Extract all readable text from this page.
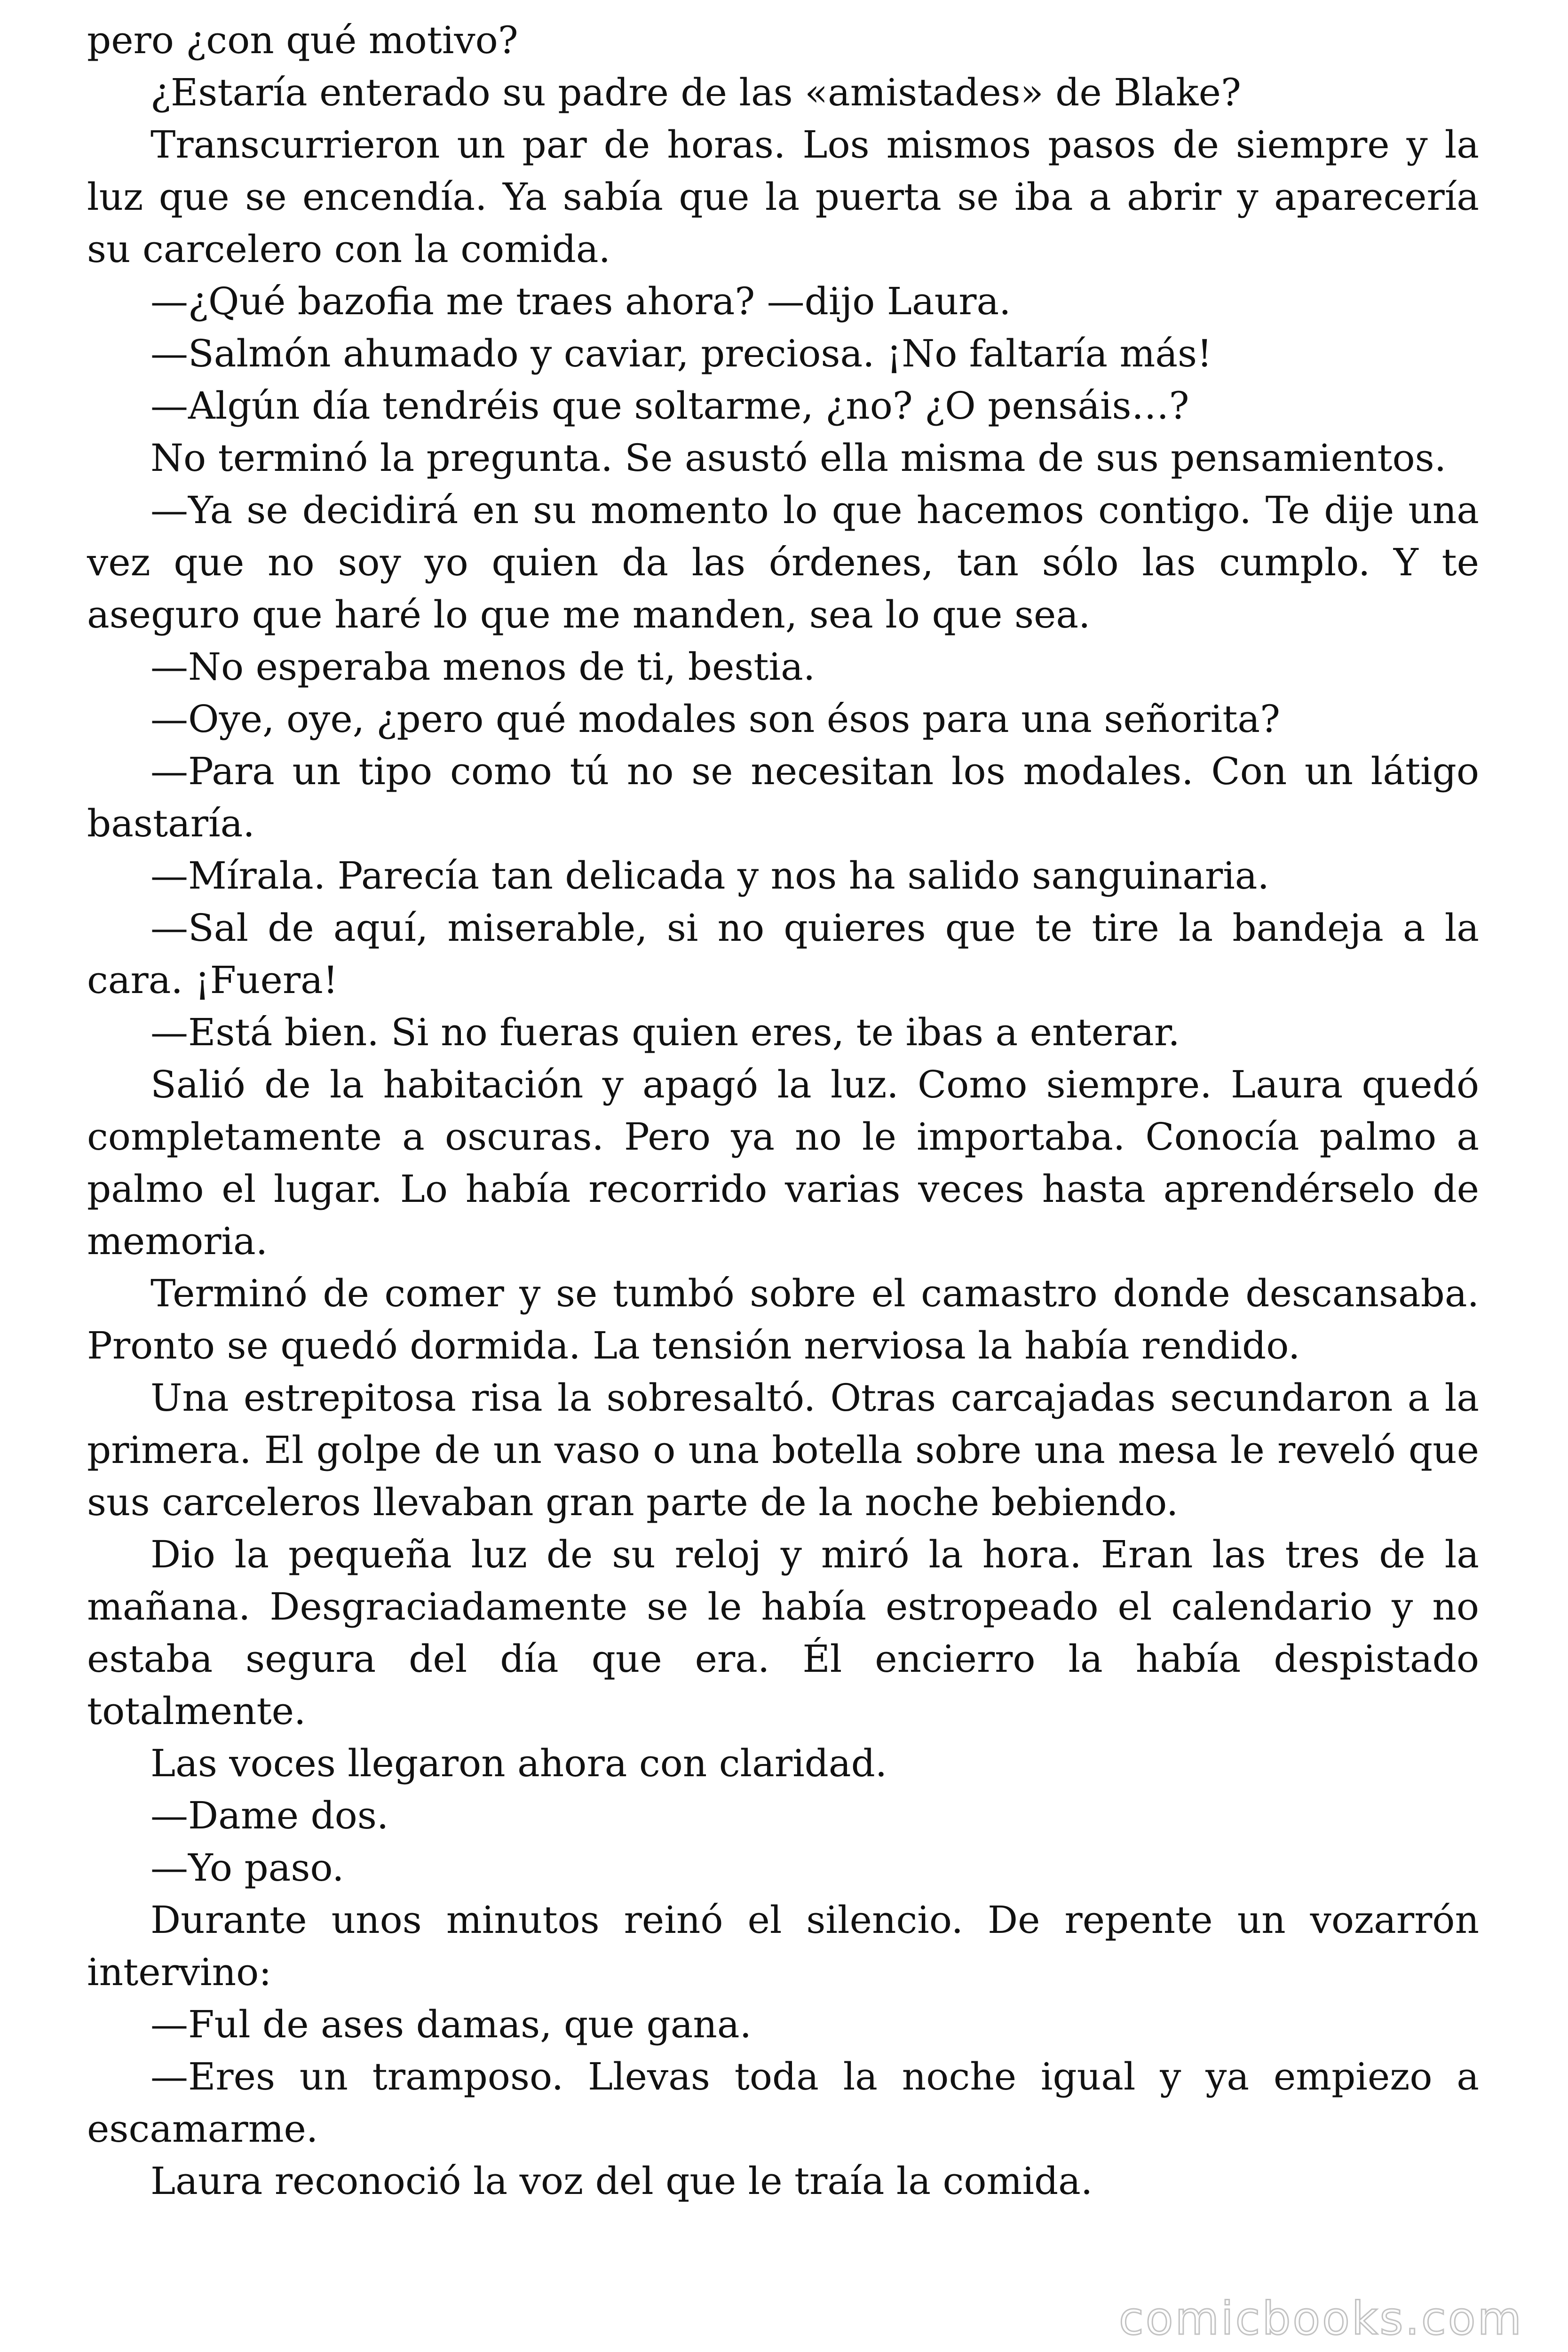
pero ¿con qué motivo?

¿Estaría enterado su padre de las «amistades» de Blake?

Transcurrieron un par de horas. Los mismos pasos de siempre y la luz que se encendía. Ya sabía que la puerta se iba a abrir y aparecería su carcelero con la comida.

—¿Qué bazofia me traes ahora? —dijo Laura.

—Salmón ahumado y caviar, preciosa. ¡No faltaría más!

—Algún día tendréis que soltarme, ¿no? ¿O pensáis…?

No terminó la pregunta. Se asustó ella misma de sus pensamientos.

—Ya se decidirá en su momento lo que hacemos contigo. Te dije una vez que no soy yo quien da las órdenes, tan sólo las cumplo. Y te aseguro que haré lo que me manden, sea lo que sea.

—No esperaba menos de ti, bestia.

—Oye, oye, ¿pero qué modales son ésos para una señorita?

—Para un tipo como tú no se necesitan los modales. Con un látigo bastaría.

—Mírala. Parecía tan delicada y nos ha salido sanguinaria.

—Sal de aquí, miserable, si no quieres que te tire la bandeja a la cara. ¡Fuera!

—Está bien. Si no fueras quien eres, te ibas a enterar.

Salió de la habitación y apagó la luz. Como siempre. Laura quedó completamente a oscuras. Pero ya no le importaba. Conocía palmo a palmo el lugar. Lo había recorrido varias veces hasta aprendérselo de memoria.

Terminó de comer y se tumbó sobre el camastro donde descansaba. Pronto se quedó dormida. La tensión nerviosa la había rendido.

Una estrepitosa risa la sobresaltó. Otras carcajadas secundaron a la primera. El golpe de un vaso o una botella sobre una mesa le reveló que sus carceleros llevaban gran parte de la noche bebiendo.

Dio la pequeña luz de su reloj y miró la hora. Eran las tres de la mañana. Desgraciadamente se le había estropeado el calendario y no estaba segura del día que era. Él encierro la había despistado totalmente.

Las voces llegaron ahora con claridad.

—Dame dos.

—Yo paso.

Durante unos minutos reinó el silencio. De repente un vozarrón intervino:

—Ful de ases damas, que gana.

—Eres un tramposo. Llevas toda la noche igual y ya empiezo a escamarme.

Laura reconoció la voz del que le traía la comida.

comicbooks.com
